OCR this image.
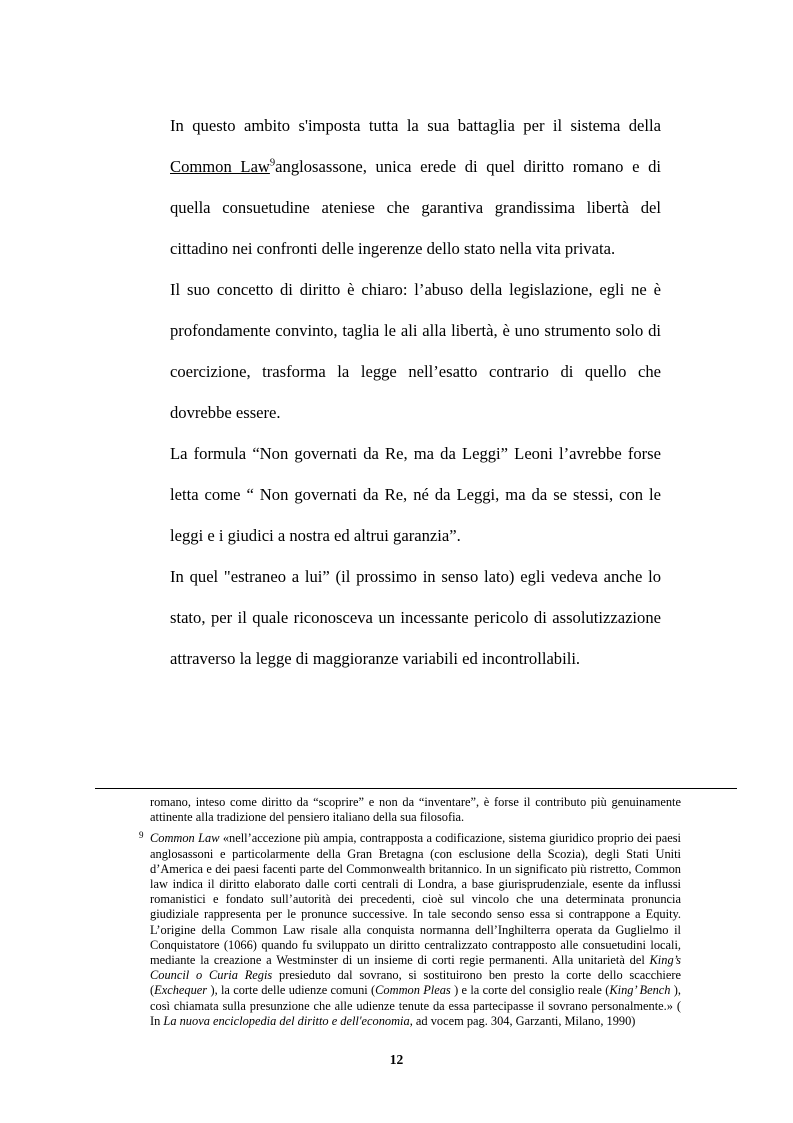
In questo ambito s'imposta tutta la sua battaglia per il sistema della Common Law$^9$anglosassone, unica erede di quel diritto romano e di quella consuetudine ateniese che garantiva grandissima libertà del cittadino nei confronti delle ingerenze dello stato nella vita privata.

Il suo concetto di diritto è chiaro: l’abuso della legislazione, egli ne è profondamente convinto, taglia le ali alla libertà, è uno strumento solo di coercizione, trasforma la legge nell’esatto contrario di quello che dovrebbe essere.

La formula “Non governati da Re, ma da Leggi” Leoni l’avrebbe forse letta come “ Non governati da Re, né da Leggi, ma da se stessi, con le leggi e i giudici a nostra ed altrui garanzia”.

In quel "estraneo a lui” (il prossimo in senso lato) egli vedeva anche lo stato, per il quale riconosceva un incessante pericolo di assolutizzazione attraverso la legge di maggioranze variabili ed incontrollabili.

romano, inteso come diritto da “scoprire” e non da “inventare”, è forse il contributo più genuinamente attinente alla tradizione del pensiero italiano della sua filosofia.

9 Common Law «nell’accezione più ampia, contrapposta a codificazione, sistema giuridico proprio dei paesi anglosassoni e particolarmente della Gran Bretagna (con esclusione della Scozia), degli Stati Uniti d’America e dei paesi facenti parte del Commonwealth britannico. In un significato più ristretto, Common law indica il diritto elaborato dalle corti centrali di Londra, a base giurisprudenziale, esente da influssi romanistici e fondato sull’autorità dei precedenti, cioè sul vincolo che una determinata pronuncia giudiziale rappresenta per le pronunce successive. In tale secondo senso essa si contrappone a Equity. L’origine della Common Law risale alla conquista normanna dell’Inghilterra operata da Guglielmo il Conquistatore (1066) quando fu sviluppato un diritto centralizzato contrapposto alle consuetudini locali, mediante la creazione a Westminster di un insieme di corti regie permanenti. Alla unitarietà del King’s Council o Curia Regis presieduto dal sovrano, si sostituirono ben presto la corte dello scacchiere (Exchequer ), la corte delle udienze comuni (Common Pleas ) e la corte del consiglio reale (King’ Bench ), così chiamata sulla presunzione che alle udienze tenute da essa partecipasse il sovrano personalmente.» ( In La nuova enciclopedia del diritto e dell'economia, ad vocem pag. 304, Garzanti, Milano, 1990)

12
